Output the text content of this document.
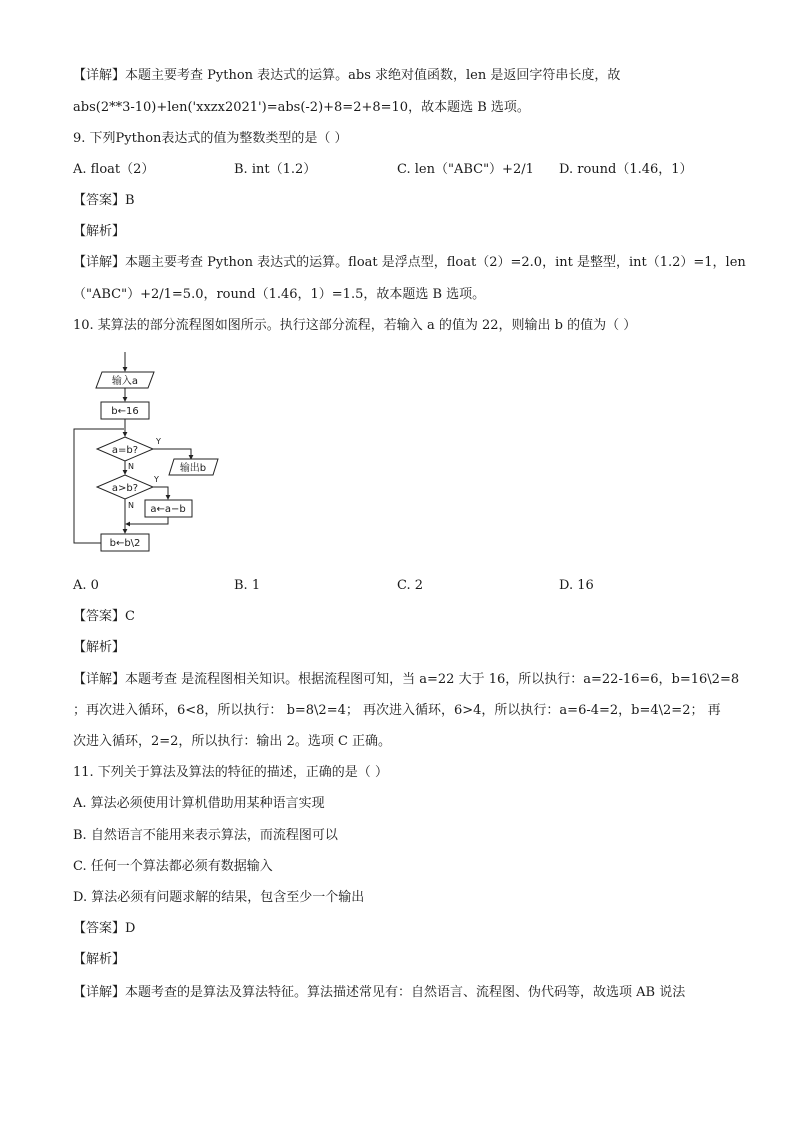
【详解】本题主要考查 Python 表达式的运算。abs 求绝对值函数，len 是返回字符串长度，故
abs(2**3-10)+len('xxzx2021')=abs(-2)+8=2+8=10，故本题选 B 选项。
9. 下列Python表达式的值为整数类型的是（ ）
A. float（2）	B. int（1.2）	C. len（"ABC"）+2/1 D. round（1.46，1）
【答案】B
【解析】
【详解】本题主要考查 Python 表达式的运算。float 是浮点型，float（2）=2.0，int 是整型，int（1.2）=1，len
（"ABC"）+2/1=5.0，round（1.46，1）=1.5，故本题选 B 选项。
10. 某算法的部分流程图如图所示。执行这部分流程，若输入 a 的值为 22，则输出 b 的值为（ ）
输入a
b←16
a=b?
a>b?
输出b
a←a−b
b←b\2
Y
N
Y
N
A. 0	B. 1	C. 2	D. 16
【答案】C
【解析】
【详解】本题考查 是流程图相关知识。根据流程图可知，当 a=22 大于 16，所以执行：a=22-16=6，b=16\2=8
；再次进入循环，6<8，所以执行： b=8\2=4； 再次进入循环，6>4，所以执行：a=6-4=2，b=4\2=2； 再
次进入循环，2=2，所以执行：输出 2。选项 C 正确。
11. 下列关于算法及算法的特征的描述，正确的是（ ）
A. 算法必须使用计算机借助用某种语言实现
B. 自然语言不能用来表示算法，而流程图可以
C. 任何一个算法都必须有数据输入
D. 算法必须有问题求解的结果，包含至少一个输出
【答案】D
【解析】
【详解】本题考查的是算法及算法特征。算法描述常见有：自然语言、流程图、伪代码等，故选项 AB 说法
